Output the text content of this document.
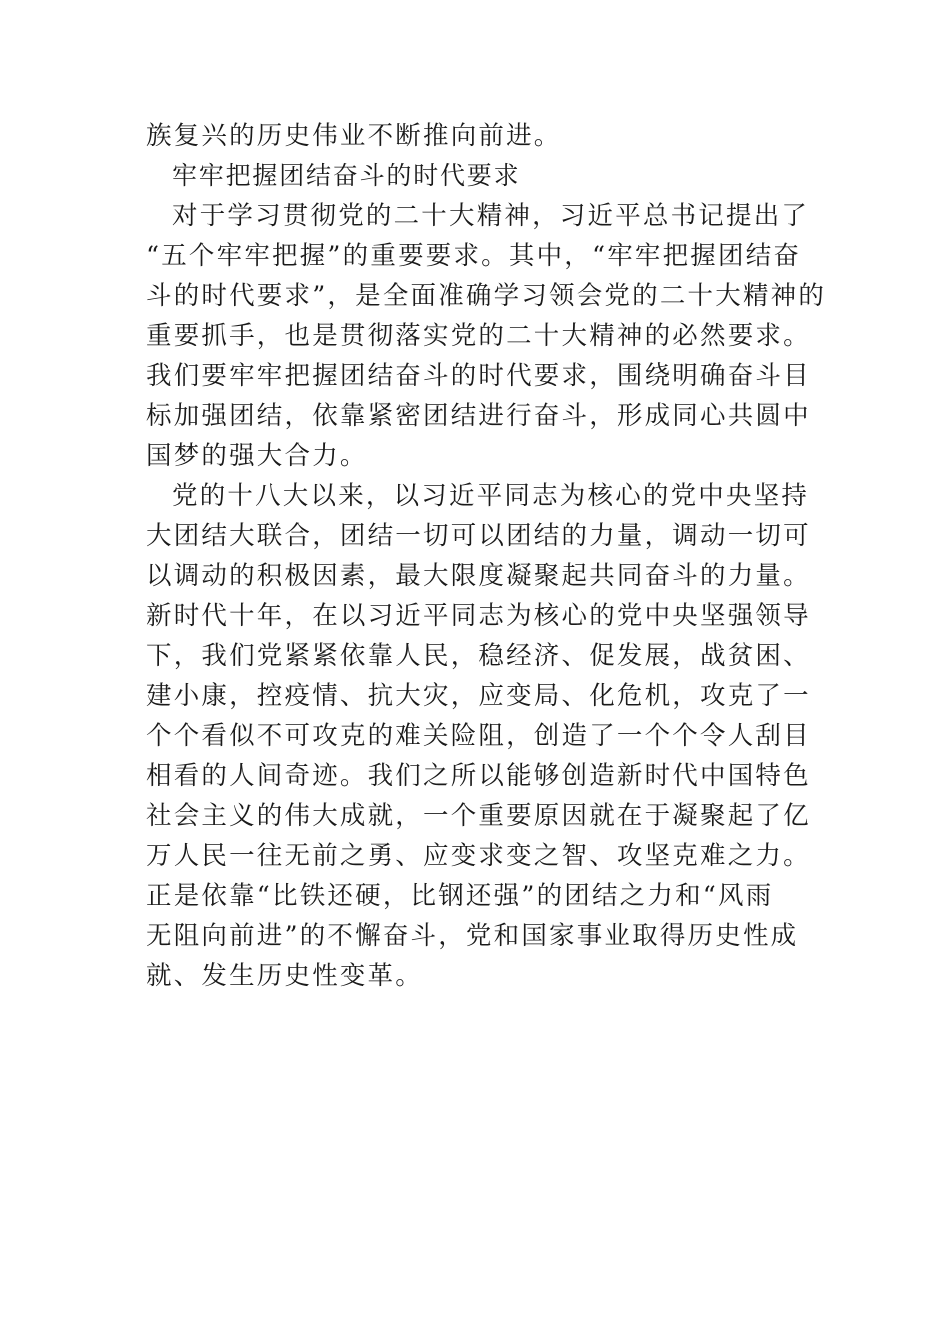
族复兴的历史伟业不断推向前进。

牢牢把握团结奋斗的时代要求

对于学习贯彻党的二十大精神，习近平总书记提出了
“五个牢牢把握”的重要要求。其中，“牢牢把握团结奋
斗的时代要求”，是全面准确学习领会党的二十大精神的
重要抓手，也是贯彻落实党的二十大精神的必然要求。
我们要牢牢把握团结奋斗的时代要求，围绕明确奋斗目
标加强团结，依靠紧密团结进行奋斗，形成同心共圆中
国梦的强大合力。

党的十八大以来，以习近平同志为核心的党中央坚持
大团结大联合，团结一切可以团结的力量，调动一切可
以调动的积极因素，最大限度凝聚起共同奋斗的力量。
新时代十年，在以习近平同志为核心的党中央坚强领导
下，我们党紧紧依靠人民，稳经济、促发展，战贫困、
建小康，控疫情、抗大灾，应变局、化危机，攻克了一
个个看似不可攻克的难关险阻，创造了一个个令人刮目
相看的人间奇迹。我们之所以能够创造新时代中国特色
社会主义的伟大成就，一个重要原因就在于凝聚起了亿
万人民一往无前之勇、应变求变之智、攻坚克难之力。
正是依靠“比铁还硬，比钢还强”的团结之力和“风雨
无阻向前进”的不懈奋斗，党和国家事业取得历史性成
就、发生历史性变革。
